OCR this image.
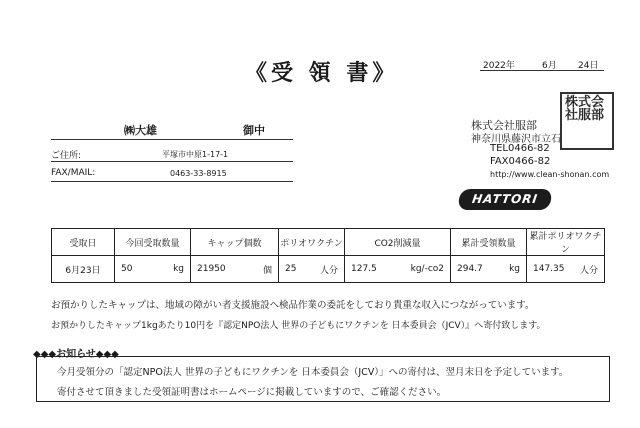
《受 領 書》	2022年	6月 24日
㈱大雄	御中
ご住所:	平塚市中原1-17-1
FAX/MAIL:	0463-33-8915
株式会社服部
神奈川県藤沢市立石
TEL0466-82
FAX0466-82
http://www.clean-shonan.com
株式会社服部
HATTORI
受取日	今回受取数量	キャップ個数	ポリオワクチン	CO2削減量	累計受領数量	累計ポリオワクチン

6月23日	50 kg	21950 個	25 人分	127.5 kg/-co2	294.7 kg	147.35 人分
お預かりしたキャップは、地域の障がい者支援施設へ検品作業の委託をしており貴重な収入につながっています。
お預かりしたキャップ1kgあたり10円を『認定NPO法人 世界の子どもにワクチンを 日本委員会（JCV）』へ寄付致します。
◆◆◆お知らせ◆◆◆
今月受領分の「認定NPO法人 世界の子どもにワクチンを 日本委員会（JCV）」への寄付は、翌月末日を予定しています。
寄付させて頂きました受領証明書はホームページに掲載していますので、ご確認ください。
